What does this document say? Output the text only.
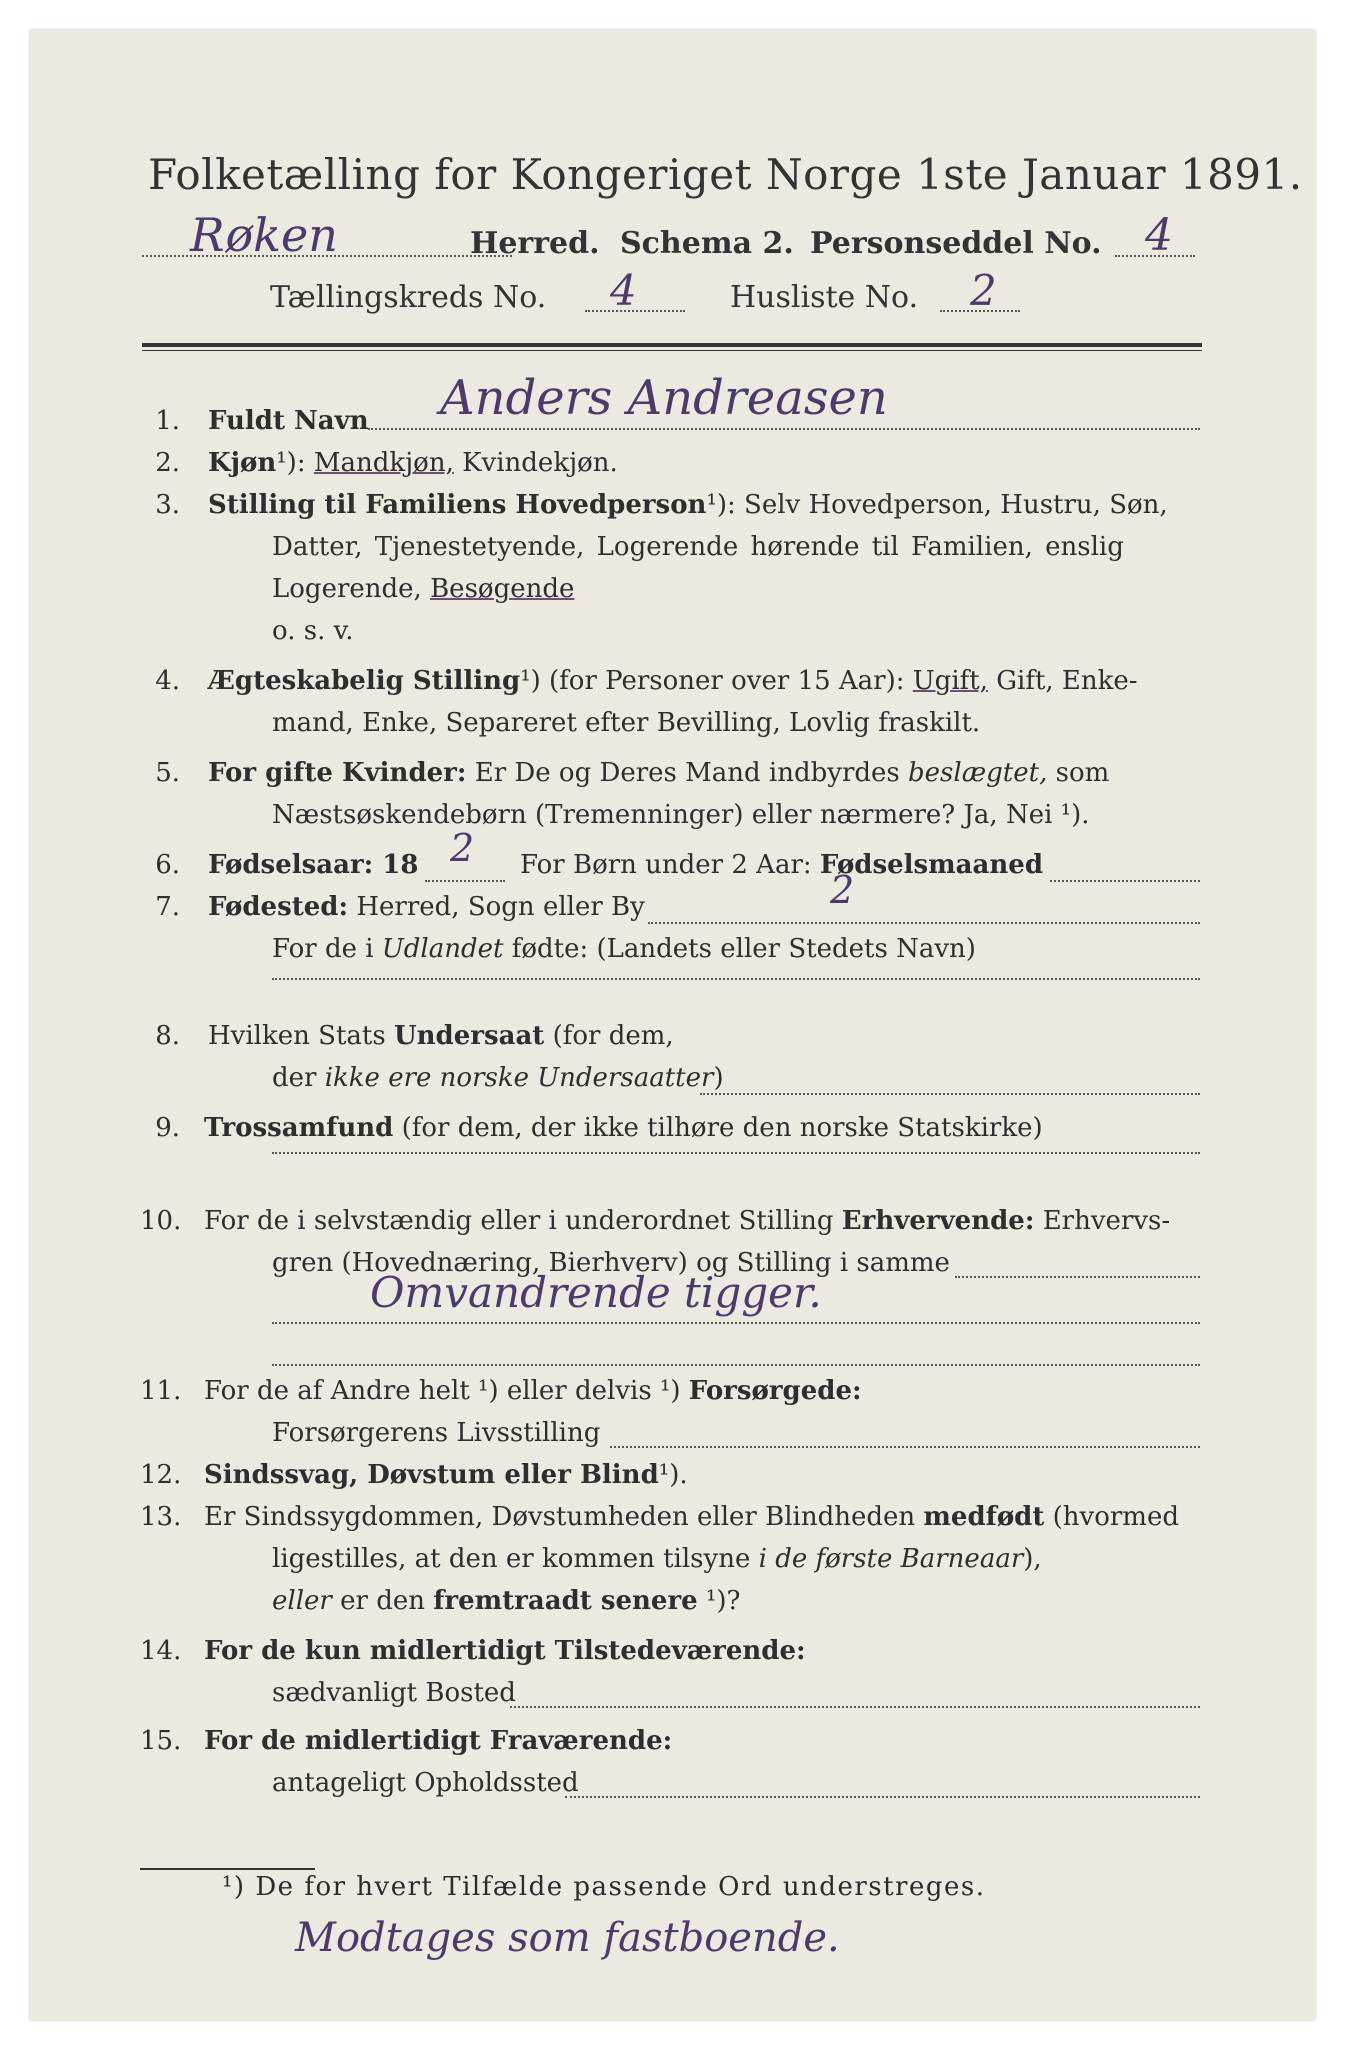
Folketælling for Kongeriget Norge 1ste Januar 1891.
Røken	Herred. Schema 2. Personseddel No. 4
Tællingskreds No. 4	Husliste No. 2
1. Fuldt Navn Anders Andreasen
2. Kjøn¹): Mandkjøn, Kvindekjøn.
3. Stilling til Familiens Hovedperson¹): Selv Hovedperson, Hustru, Søn,
Datter, Tjenestetyende, Logerende hørende til Familien, enslig
Logerende, Besøgende
o. s. v.
4. Ægteskabelig Stilling¹) (for Personer over 15 Aar): Ugift, Gift, Enke-
mand, Enke, Separeret efter Bevilling, Lovlig fraskilt.
5. For gifte Kvinder: Er De og Deres Mand indbyrdes beslægtet, som
Næstsøskendebørn (Tremenninger) eller nærmere? Ja, Nei ¹).
6. Fødselsaar: 18	For Børn under 2 Aar: Fødselsmaaned
2
7. Fødested: Herred, Sogn eller By	2
For de i Udlandet fødte: (Landets eller Stedets Navn)
8. Hvilken Stats Undersaat (for dem,
der ikke ere norske Undersaatter)
9. Trossamfund (for dem, der ikke tilhøre den norske Statskirke)
10. For de i selvstændig eller i underordnet Stilling Erhvervende: Erhvervs-
gren (Hovednæring, Bierhverv) og Stilling i samme
Omvandrende tigger.
11. For de af Andre helt ¹) eller delvis ¹) Forsørgede:
Forsørgerens Livsstilling
12. Sindssvag, Døvstum eller Blind¹).
13. Er Sindssygdommen, Døvstumheden eller Blindheden medfødt (hvormed
ligestilles, at den er kommen tilsyne i de første Barneaar),
eller er den fremtraadt senere ¹)?
14. For de kun midlertidigt Tilstedeværende:
sædvanligt Bosted
15. For de midlertidigt Fraværende:
antageligt Opholdssted
¹) De for hvert Tilfælde passende Ord understreges.
Modtages som fastboende.
